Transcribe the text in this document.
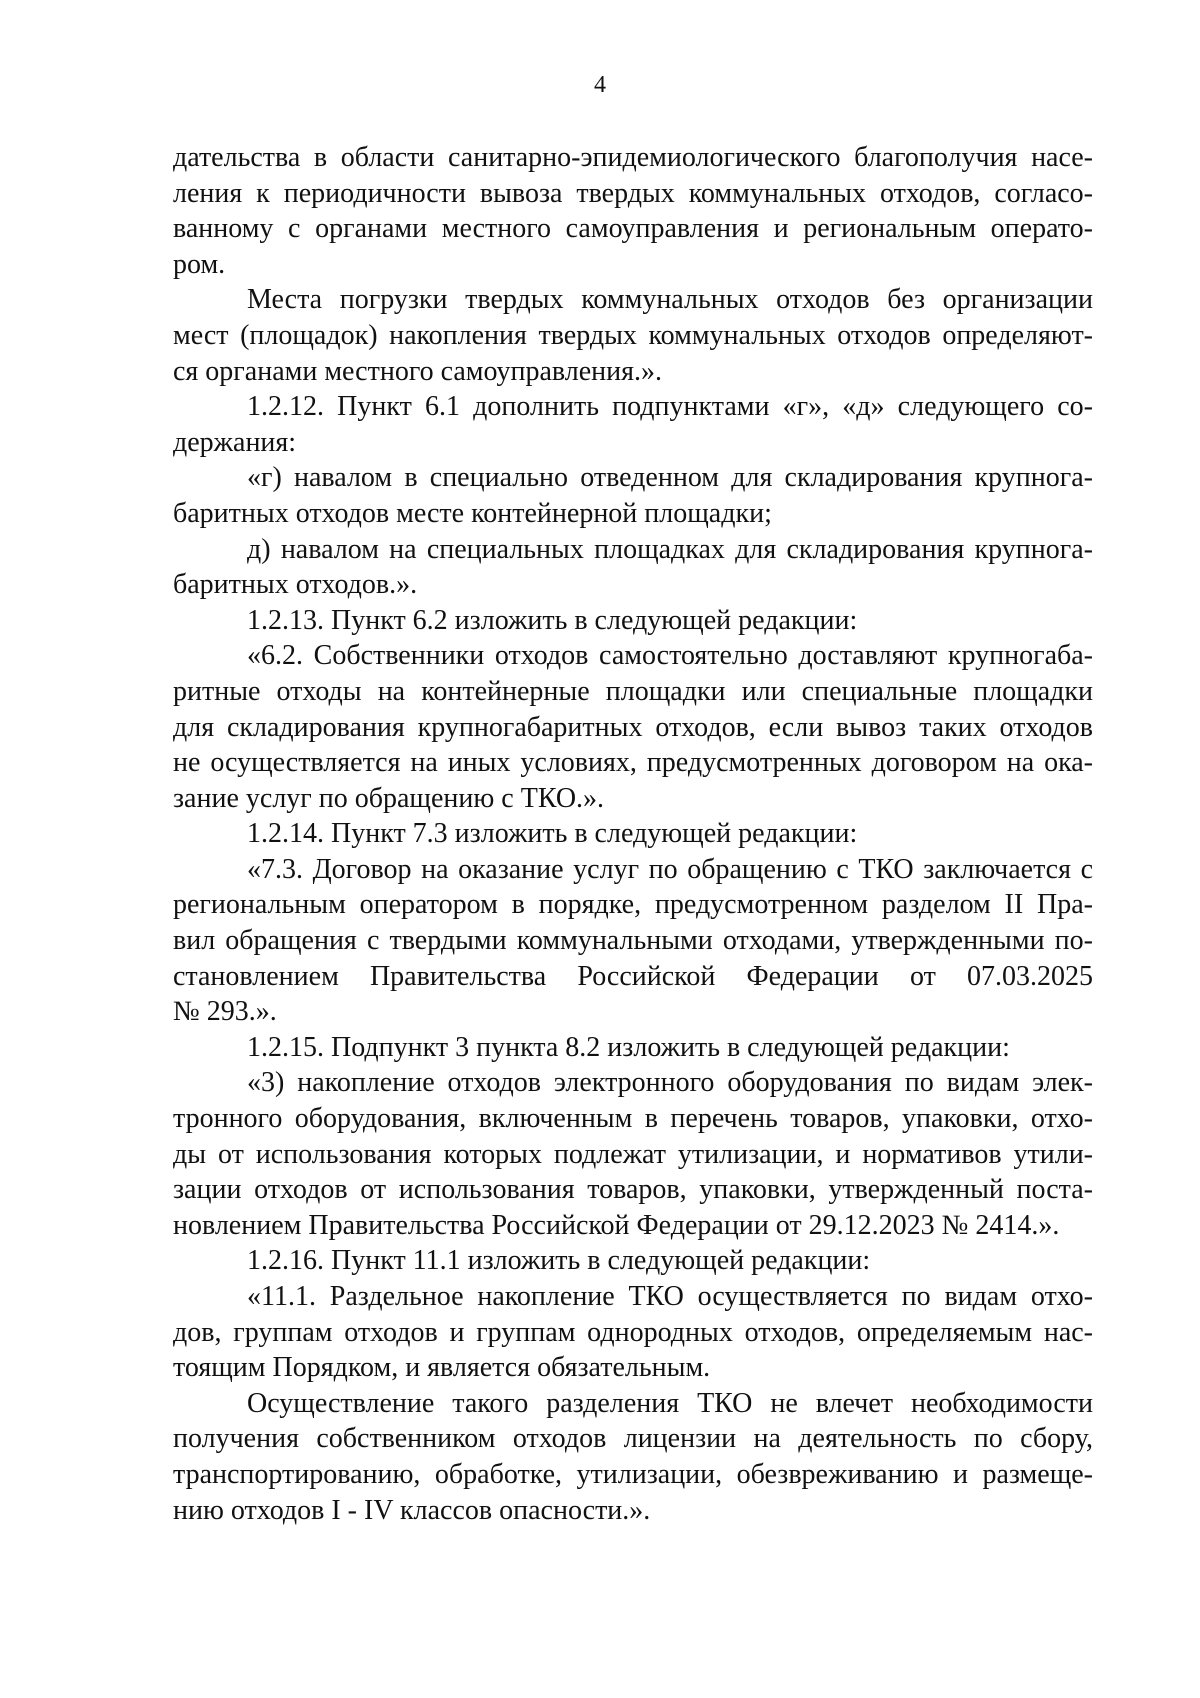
4
дательства в области санитарно-эпидемиологического благополучия насе-
ления к периодичности вывоза твердых коммунальных отходов, согласо-
ванному с органами местного самоуправления и региональным операто-
ром.
Места погрузки твердых коммунальных отходов без организации
мест (площадок) накопления твердых коммунальных отходов определяют-
ся органами местного самоуправления.».
1.2.12. Пункт 6.1 дополнить подпунктами «г», «д» следующего со-
держания:
«г) навалом в специально отведенном для складирования крупнога-
баритных отходов месте контейнерной площадки;
д) навалом на специальных площадках для складирования крупнога-
баритных отходов.».
1.2.13. Пункт 6.2 изложить в следующей редакции:
«6.2. Собственники отходов самостоятельно доставляют крупногаба-
ритные отходы на контейнерные площадки или специальные площадки
для складирования крупногабаритных отходов, если вывоз таких отходов
не осуществляется на иных условиях, предусмотренных договором на ока-
зание услуг по обращению с ТКО.».
1.2.14. Пункт 7.3 изложить в следующей редакции:
«7.3. Договор на оказание услуг по обращению с ТКО заключается с
региональным оператором в порядке, предусмотренном разделом II Пра-
вил обращения с твердыми коммунальными отходами, утвержденными по-
становлением Правительства Российской Федерации от 07.03.2025
№ 293.».
1.2.15. Подпункт 3 пункта 8.2 изложить в следующей редакции:
«3) накопление отходов электронного оборудования по видам элек-
тронного оборудования, включенным в перечень товаров, упаковки, отхо-
ды от использования которых подлежат утилизации, и нормативов утили-
зации отходов от использования товаров, упаковки, утвержденный поста-
новлением Правительства Российской Федерации от 29.12.2023 № 2414.».
1.2.16. Пункт 11.1 изложить в следующей редакции:
«11.1. Раздельное накопление ТКО осуществляется по видам отхо-
дов, группам отходов и группам однородных отходов, определяемым нас-
тоящим Порядком, и является обязательным.
Осуществление такого разделения ТКО не влечет необходимости
получения собственником отходов лицензии на деятельность по сбору,
транспортированию, обработке, утилизации, обезвреживанию и размеще-
нию отходов I - IV классов опасности.».
